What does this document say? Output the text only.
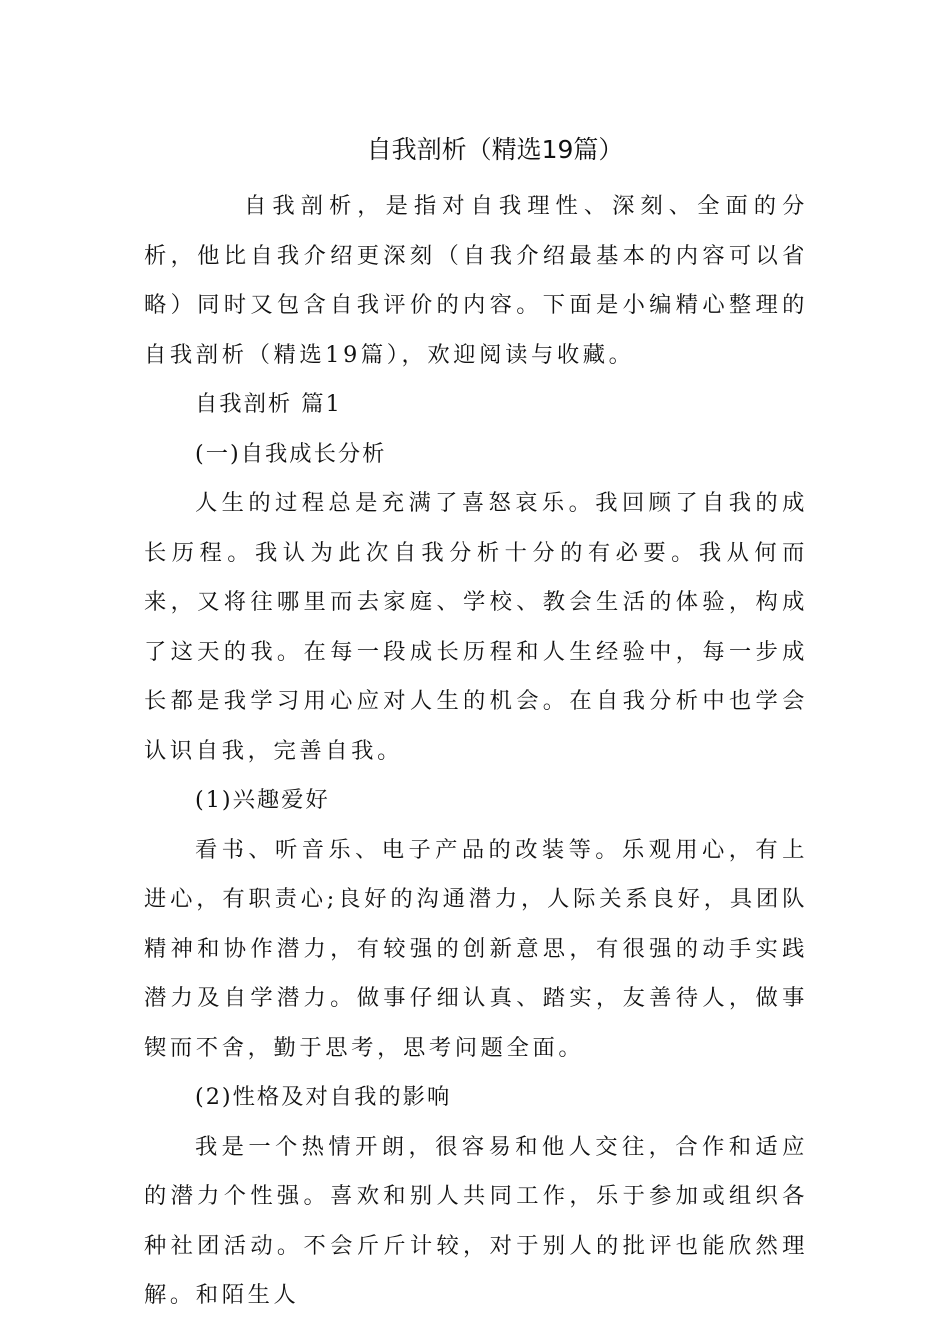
自我剖析（精选19篇）

自我剖析，是指对自我理性、深刻、全面的分析，他比自我介绍更深刻（自我介绍最基本的内容可以省略）同时又包含自我评价的内容。下面是小编精心整理的自我剖析（精选19篇），欢迎阅读与收藏。

自我剖析 篇1

(一)自我成长分析

人生的过程总是充满了喜怒哀乐。我回顾了自我的成长历程。我认为此次自我分析十分的有必要。我从何而来，又将往哪里而去家庭、学校、教会生活的体验，构成了这天的我。在每一段成长历程和人生经验中，每一步成长都是我学习用心应对人生的机会。在自我分析中也学会认识自我，完善自我。

(1)兴趣爱好

看书、听音乐、电子产品的改装等。乐观用心，有上进心，有职责心;良好的沟通潜力，人际关系良好，具团队精神和协作潜力，有较强的创新意思，有很强的动手实践潜力及自学潜力。做事仔细认真、踏实，友善待人，做事锲而不舍，勤于思考，思考问题全面。

(2)性格及对自我的影响

我是一个热情开朗，很容易和他人交往，合作和适应的潜力个性强。喜欢和别人共同工作，乐于参加或组织各种社团活动。不会斤斤计较，对于别人的批评也能欣然理解。和陌生人
